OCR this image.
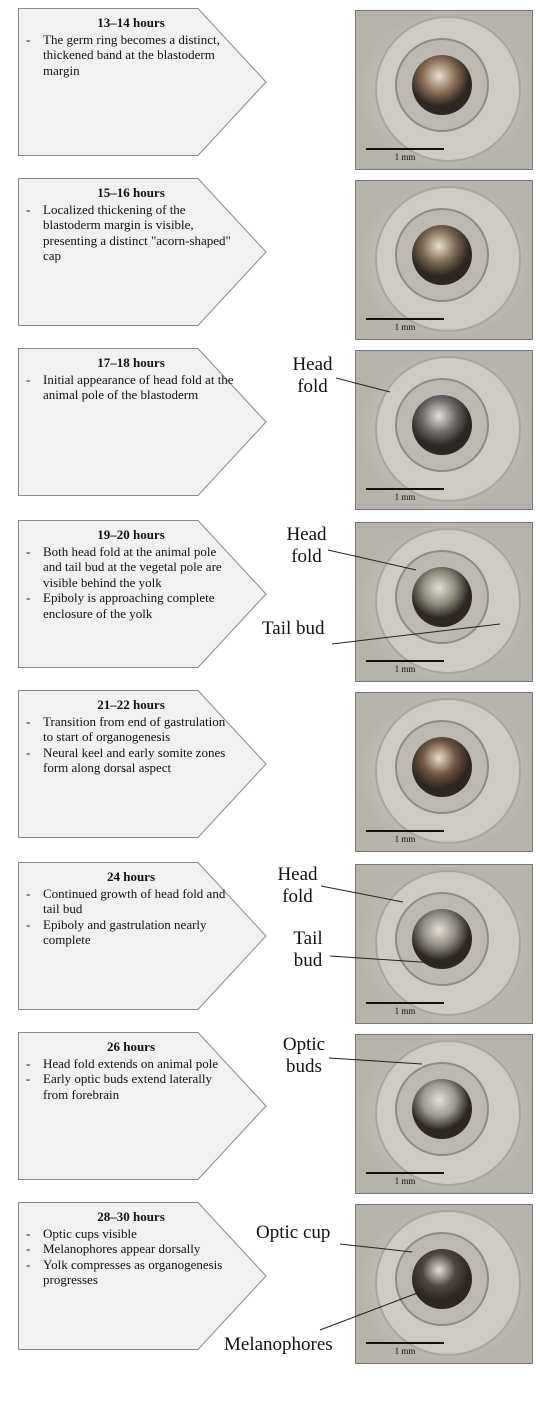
13–14 hours
- The germ ring becomes a distinct, thickened band at the blastoderm margin
1 mm
15–16 hours
- Localized thickening of the blastoderm margin is visible, presenting a distinct "acorn-shaped" cap
1 mm
17–18 hours
- Initial appearance of head fold at the animal pole of the blastoderm
1 mm
Head fold
19–20 hours
- Both head fold at the animal pole and tail bud at the vegetal pole are visible behind the yolk
- Epiboly is approaching complete enclosure of the yolk
1 mm
Head fold
Tail bud
21–22 hours
- Transition from end of gastrulation to start of organogenesis
- Neural keel and early somite zones form along dorsal aspect
1 mm
24 hours
- Continued growth of head fold and tail bud
- Epiboly and gastrulation nearly complete
1 mm
Head fold
Tail bud
26 hours
- Head fold extends on animal pole
- Early optic buds extend laterally from forebrain
1 mm
Optic buds
28–30 hours
- Optic cups visible
- Melanophores appear dorsally
- Yolk compresses as organogenesis progresses
1 mm
Optic cup
Melanophores
